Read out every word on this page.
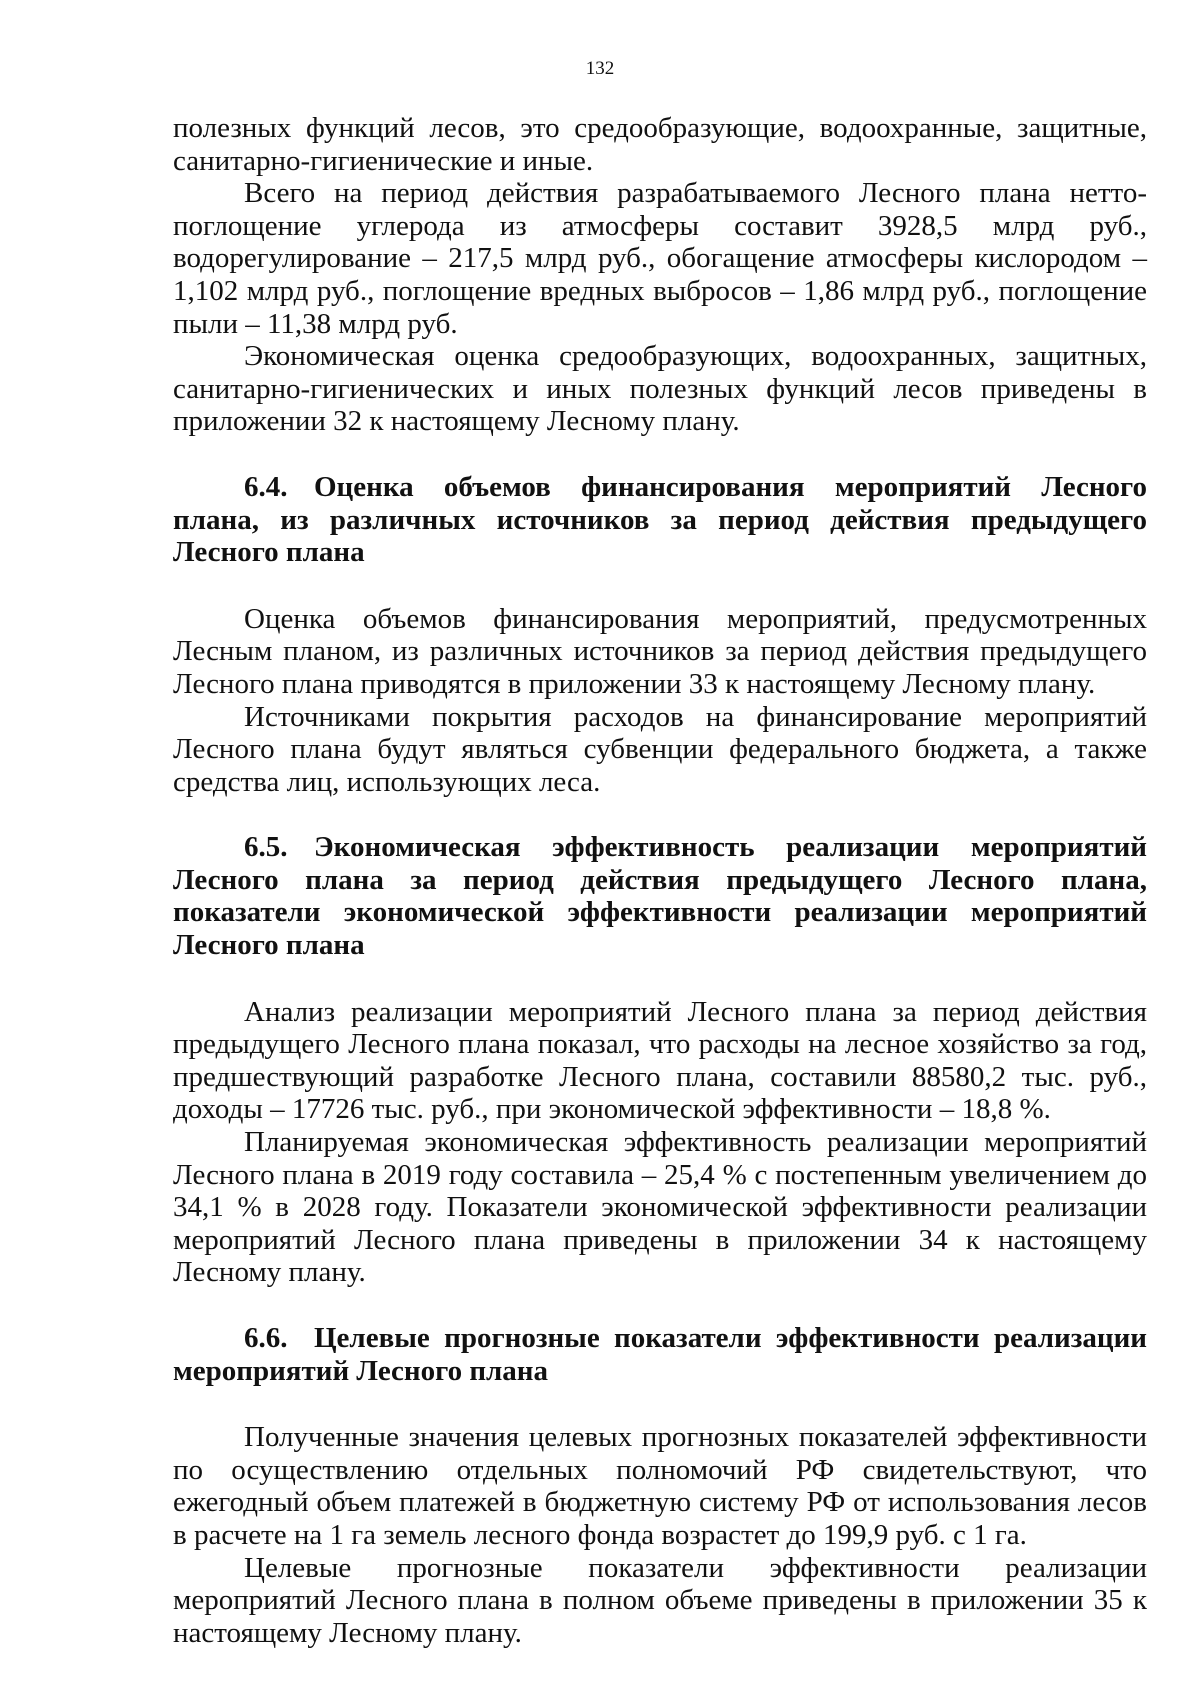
132

полезных функций лесов, это средообразующие, водоохранные, защитные, санитарно-гигиенические и иные.

Всего на период действия разрабатываемого Лесного плана нетто-поглощение углерода из атмосферы составит 3928,5 млрд руб., водорегулирование – 217,5 млрд руб., обогащение атмосферы кислородом – 1,102 млрд руб., поглощение вредных выбросов – 1,86 млрд руб., поглощение пыли – 11,38 млрд руб.

Экономическая оценка средообразующих, водоохранных, защитных, санитарно-гигиенических и иных полезных функций лесов приведены в приложении 32 к настоящему Лесному плану.

6.4. Оценка объемов финансирования мероприятий Лесного плана, из различных источников за период действия предыдущего Лесного плана

Оценка объемов финансирования мероприятий, предусмотренных Лесным планом, из различных источников за период действия предыдущего Лесного плана приводятся в приложении 33 к настоящему Лесному плану.

Источниками покрытия расходов на финансирование мероприятий Лесного плана будут являться субвенции федерального бюджета, а также средства лиц, использующих леса.

6.5. Экономическая эффективность реализации мероприятий Лесного плана за период действия предыдущего Лесного плана, показатели экономической эффективности реализации мероприятий Лесного плана

Анализ реализации мероприятий Лесного плана за период действия предыдущего Лесного плана показал, что расходы на лесное хозяйство за год, предшествующий разработке Лесного плана, составили 88580,2 тыс. руб., доходы – 17726 тыс. руб., при экономической эффективности – 18,8 %.

Планируемая экономическая эффективность реализации мероприятий Лесного плана в 2019 году составила – 25,4 % с постепенным увеличением до 34,1 % в 2028 году. Показатели экономической эффективности реализации мероприятий Лесного плана приведены в приложении 34 к настоящему Лесному плану.

6.6. Целевые прогнозные показатели эффективности реализации мероприятий Лесного плана

Полученные значения целевых прогнозных показателей эффективности по осуществлению отдельных полномочий РФ свидетельствуют, что ежегодный объем платежей в бюджетную систему РФ от использования лесов в расчете на 1 га земель лесного фонда возрастет до 199,9 руб. с 1 га.

Целевые прогнозные показатели эффективности реализации мероприятий Лесного плана в полном объеме приведены в приложении 35 к настоящему Лесному плану.
